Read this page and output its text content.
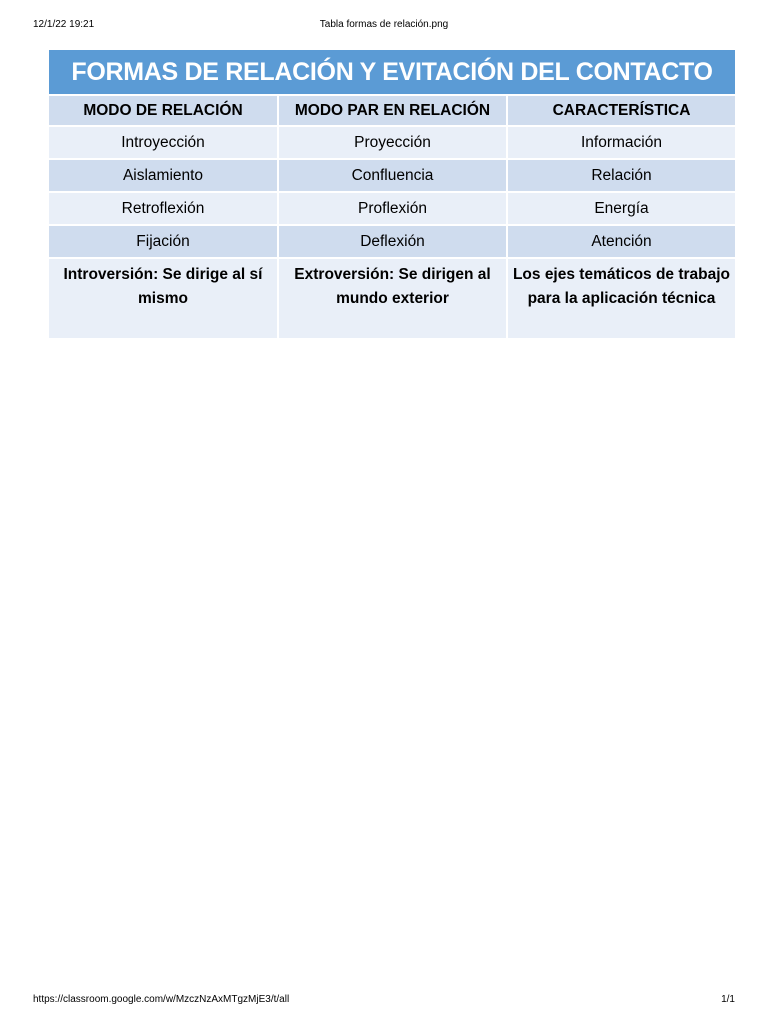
12/1/22 19:21	Tabla formas de relación.png
FORMAS DE RELACIÓN Y EVITACIÓN DEL CONTACTO
MODO DE RELACIÓN	MODO PAR EN RELACIÓN	CARACTERÍSTICA
Introyección	Proyección	Información
Aislamiento	Confluencia	Relación
Retroflexión	Proflexión	Energía
Fijación	Deflexión	Atención
Introversión: Se dirige al sí mismo	Extroversión: Se dirigen al mundo exterior	Los ejes temáticos de trabajo para la aplicación técnica
https://classroom.google.com/w/MzczNzAxMTgzMjE3/t/all	1/1
